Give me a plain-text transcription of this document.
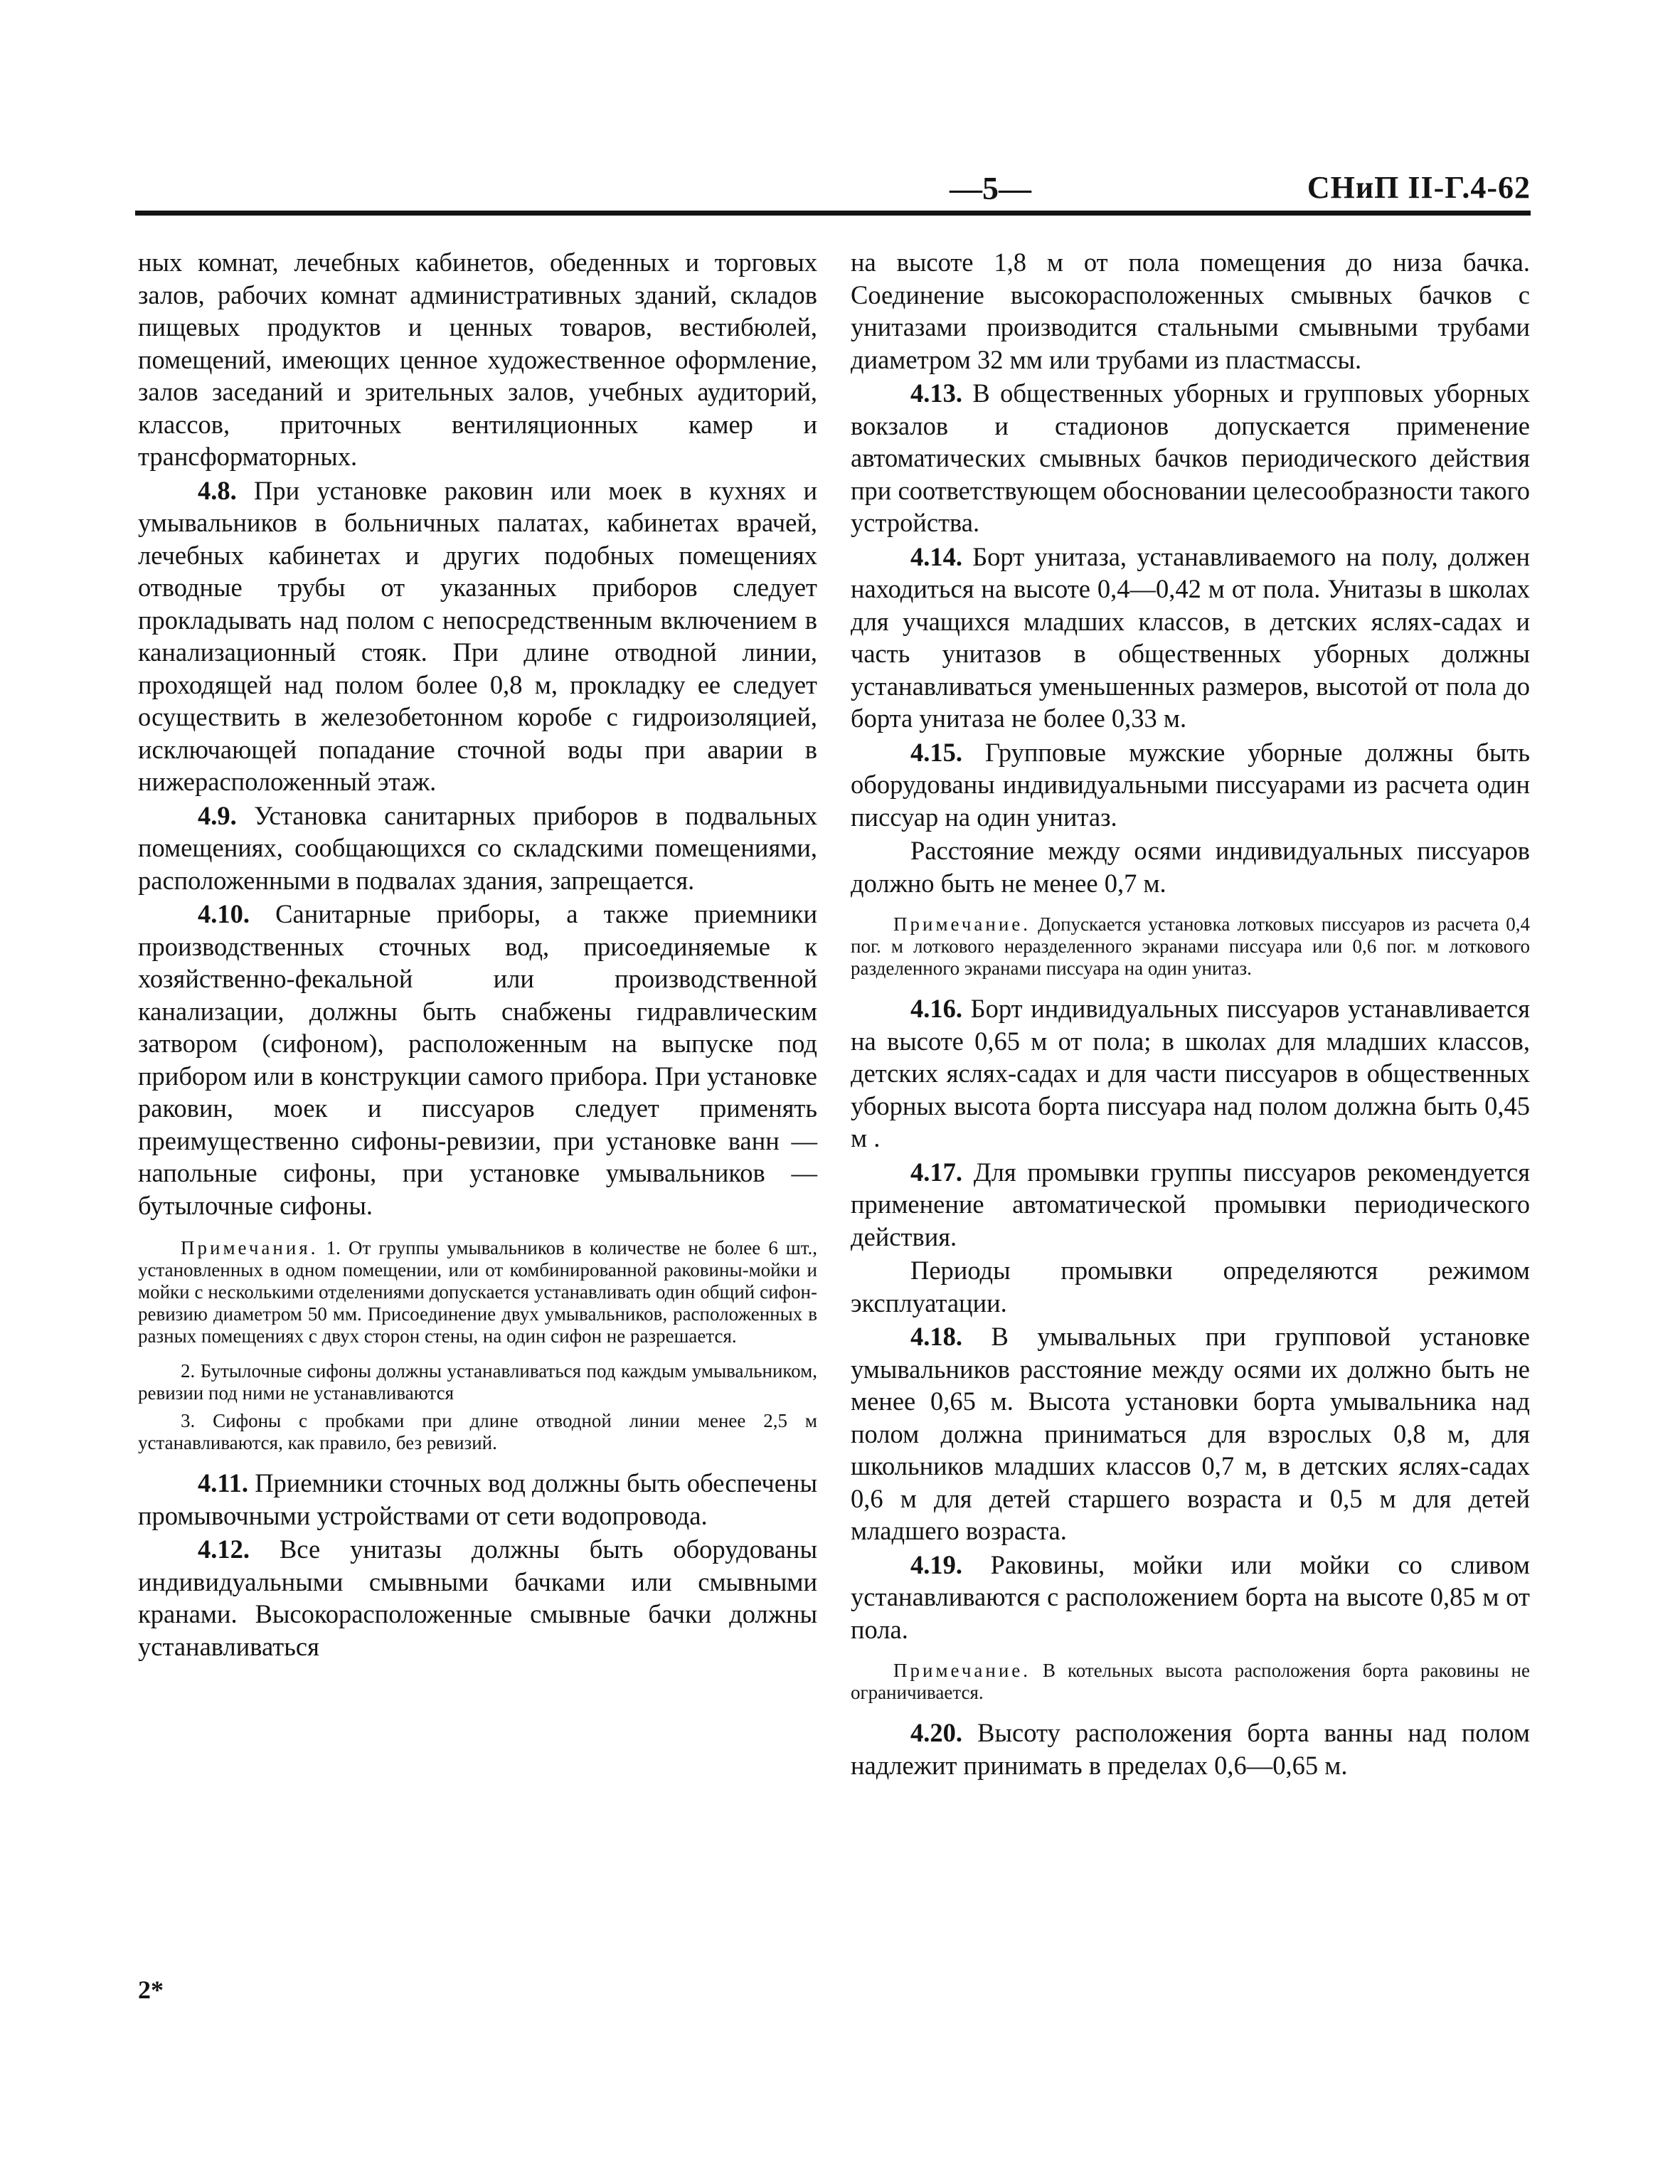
—5—	СНиП II-Г.4-62

ных комнат, лечебных кабинетов, обеденных и торговых залов, рабочих комнат административных зданий, складов пищевых продуктов и ценных товаров, вестибюлей, помещений, имеющих ценное художественное оформление, залов заседаний и зрительных залов, учебных аудиторий, классов, приточных вентиляционных камер и трансформаторных.

4.8. При установке раковин или моек в кухнях и умывальников в больничных палатах, кабинетах врачей, лечебных кабинетах и других подобных помещениях отводные трубы от указанных приборов следует прокладывать над полом с непосредственным включением в канализационный стояк. При длине отводной линии, проходящей над полом более 0,8 м, прокладку ее следует осуществить в железобетонном коробе с гидроизоляцией, исключающей попадание сточной воды при аварии в нижерасположенный этаж.

4.9. Установка санитарных приборов в подвальных помещениях, сообщающихся со складскими помещениями, расположенными в подвалах здания, запрещается.

4.10. Санитарные приборы, а также приемники производственных сточных вод, присоединяемые к хозяйственно-фекальной или производственной канализации, должны быть снабжены гидравлическим затвором (сифоном), расположенным на выпуске под прибором или в конструкции самого прибора. При установке раковин, моек и писсуаров следует применять преимущественно сифоны-ревизии, при установке ванн — напольные сифоны, при установке умывальников — бутылочные сифоны.

Примечания. 1. От группы умывальников в количестве не более 6 шт., установленных в одном помещении, или от комбинированной раковины-мойки и мойки с несколькими отделениями допускается устанавливать один общий сифон-ревизию диаметром 50 мм. Присоединение двух умывальников, расположенных в разных помещениях с двух сторон стены, на один сифон не разрешается.

2. Бутылочные сифоны должны устанавливаться под каждым умывальником, ревизии под ними не устанавливаются

3. Сифоны с пробками при длине отводной линии менее 2,5 м устанавливаются, как правило, без ревизий.

4.11. Приемники сточных вод должны быть обеспечены промывочными устройствами от сети водопровода.

4.12. Все унитазы должны быть оборудованы индивидуальными смывными бачками или смывными кранами. Высокорасположенные смывные бачки должны устанавливаться

2*

на высоте 1,8 м от пола помещения до низа бачка. Соединение высокорасположенных смывных бачков с унитазами производится стальными смывными трубами диаметром 32 мм или трубами из пластмассы.

4.13. В общественных уборных и групповых уборных вокзалов и стадионов допускается применение автоматических смывных бачков периодического действия при соответствующем обосновании целесообразности такого устройства.

4.14. Борт унитаза, устанавливаемого на полу, должен находиться на высоте 0,4—0,42 м от пола. Унитазы в школах для учащихся младших классов, в детских яслях-садах и часть унитазов в общественных уборных должны устанавливаться уменьшенных размеров, высотой от пола до борта унитаза не более 0,33 м.

4.15. Групповые мужские уборные должны быть оборудованы индивидуальными писсуарами из расчета один писсуар на один унитаз.

Расстояние между осями индивидуальных писсуаров должно быть не менее 0,7 м.

Примечание. Допускается установка лотковых писсуаров из расчета 0,4 пог. м лоткового неразделенного экранами писсуара или 0,6 пог. м лоткового разделенного экранами писсуара на один унитаз.

4.16. Борт индивидуальных писсуаров устанавливается на высоте 0,65 м от пола; в школах для младших классов, детских яслях-садах и для части писсуаров в общественных уборных высота борта писсуара над полом должна быть 0,45 м .

4.17. Для промывки группы писсуаров рекомендуется применение автоматической промывки периодического действия.

Периоды промывки определяются режимом эксплуатации.

4.18. В умывальных при групповой установке умывальников расстояние между осями их должно быть не менее 0,65 м. Высота установки борта умывальника над полом должна приниматься для взрослых 0,8 м, для школьников младших классов 0,7 м, в детских яслях-садах 0,6 м для детей старшего возраста и 0,5 м для детей младшего возраста.

4.19. Раковины, мойки или мойки со сливом устанавливаются с расположением борта на высоте 0,85 м от пола.

Примечание. В котельных высота расположения борта раковины не ограничивается.

4.20. Высоту расположения борта ванны над полом надлежит принимать в пределах 0,6—0,65 м.
